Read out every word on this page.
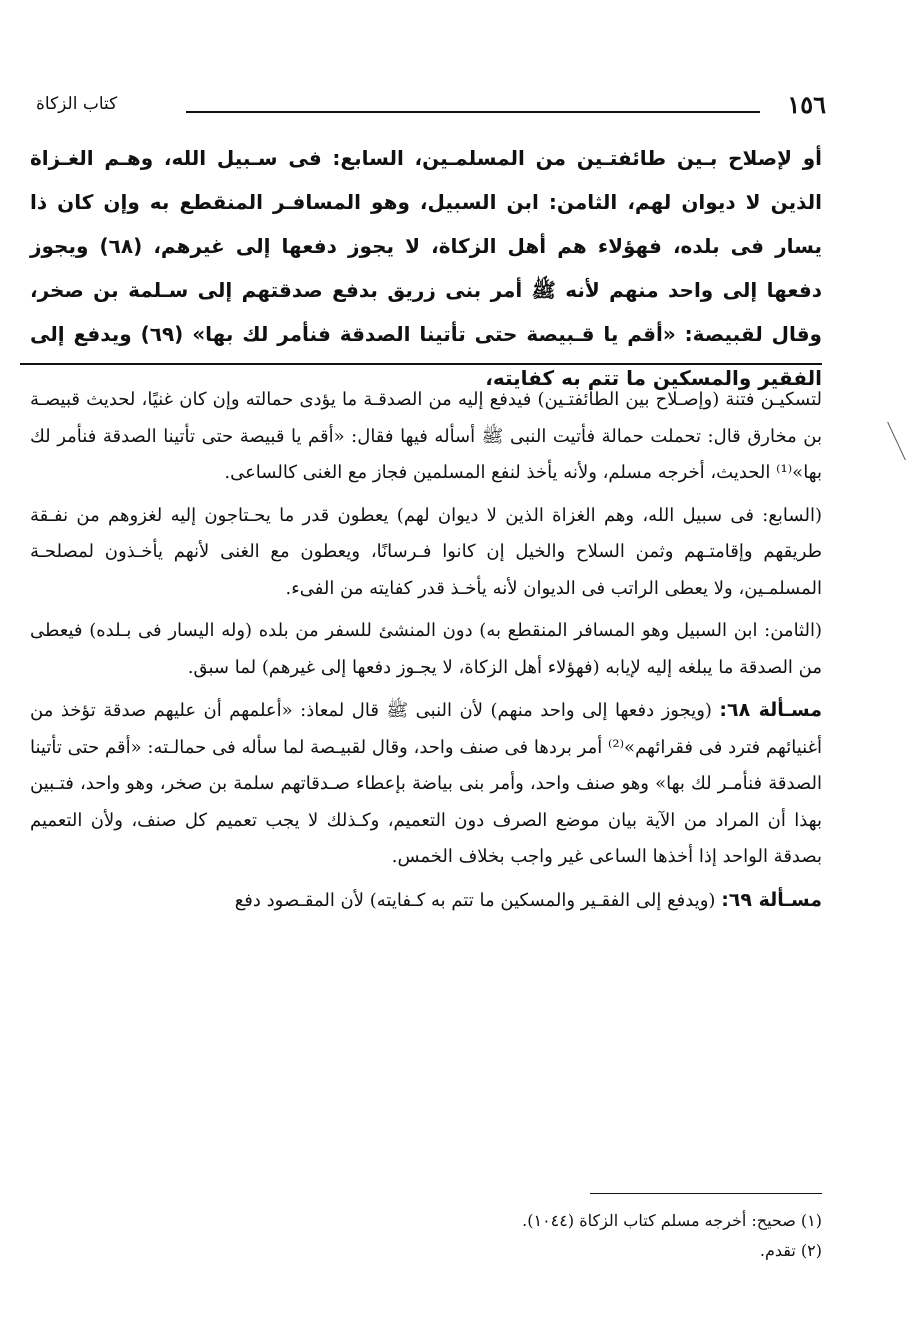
١٥٦
كتاب الزكاة
أو لإصلاح بـين طائفتـين من المسلمـين، السابع: فى سـبيل الله، وهـم الغـزاة الذين لا ديوان لهم، الثامن: ابن السبيل، وهو المسافـر المنقطع به وإن كان ذا يسار فى بلده، فهؤلاء هم أهل الزكاة، لا يجوز دفعها إلى غيرهم، (٦٨) ويجوز دفعها إلى واحد منهم لأنه ﷺ أمر بنى زريق بدفع صدقتهم إلى سـلمة بن صخر، وقال لقبيصة: «أقم يا قـبيصة حتى تأتينا الصدقة فنأمر لك بها» (٦٩) ويدفع إلى الفقير والمسكين ما تتم به كفايته،

لتسكيـن فتنة (وإصـلاح بين الطائفتـين) فيدفع إليه من الصدقـة ما يؤدى حمالته وإن كان غنيًا، لحديث قبيصـة بن مخارق قال: تحملت حمالة فأتيت النبى ﷺ أسأله فيها فقال: «أقم يا قبيصة حتى تأتينا الصدقة فنأمر لك بها»⁽¹⁾ الحديث، أخرجه مسلم، ولأنه يأخذ لنفع المسلمين فجاز مع الغنى كالساعى.

(السابع: فى سبيل الله، وهم الغزاة الذين لا ديوان لهم) يعطون قدر ما يحـتاجون إليه لغزوهم من نفـقة طريقهم وإقامتـهم وثمن السلاح والخيل إن كانوا فـرسانًا، ويعطون مع الغنى لأنهم يأخـذون لمصلحـة المسلمـين، ولا يعطى الراتب فى الديوان لأنه يأخـذ قدر كفايته من الفىء.

(الثامن: ابن السبيل وهو المسافر المنقطع به) دون المنشئ للسفر من بلده (وله اليسار فى بـلده) فيعطى من الصدقة ما يبلغه إليه لإيابه (فهؤلاء أهل الزكاة، لا يجـوز دفعها إلى غيرهم) لما سبق.

مسـألة ٦٨: (ويجوز دفعها إلى واحد منهم) لأن النبى ﷺ قال لمعاذ: «أعلمهم أن عليهم صدقة تؤخذ من أغنيائهم فترد فى فقرائهم»⁽²⁾ أمر بردها فى صنف واحد، وقال لقبيـصة لما سأله فى حمالـته: «أقم حتى تأتينا الصدقة فنأمـر لك بها» وهو صنف واحد، وأمر بنى بياضة بإعطاء صـدقاتهم سلمة بن صخر، وهو واحد، فتـبين بهذا أن المراد من الآية بيان موضع الصرف دون التعميم، وكـذلك لا يجب تعميم كل صنف، ولأن التعميم بصدقة الواحد إذا أخذها الساعى غير واجب بخلاف الخمس.

مسـألة ٦٩: (ويدفع إلى الفقـير والمسكين ما تتم به كـفايته) لأن المقـصود دفع

(١) صحيح: أخرجه مسلم كتاب الزكاة (١٠٤٤).
(٢) تقدم.
